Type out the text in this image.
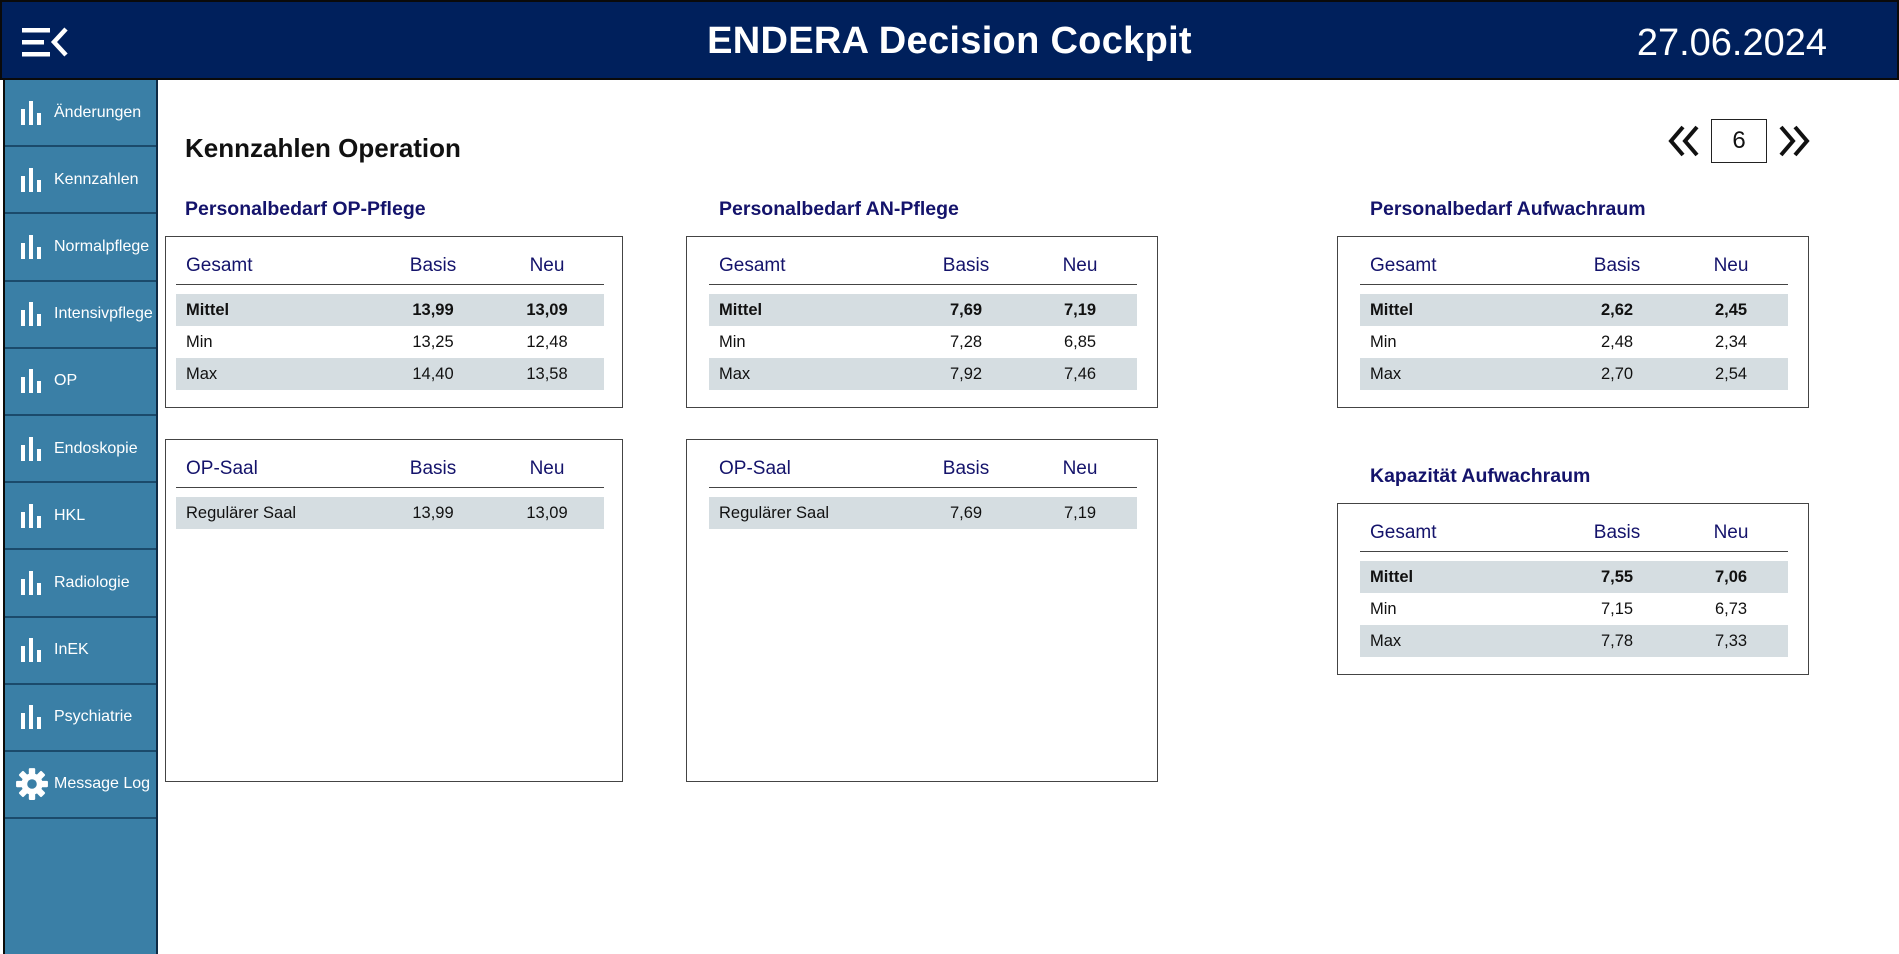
ENDERA Decision Cockpit	27.06.2024
Änderungen
Kennzahlen
Normalpflege
Intensivpflege
OP
Endoskopie
HKL
Radiologie
InEK
Psychiatrie
Message Log
Kennzahlen Operation
6
Personalbedarf OP-Pflege
Gesamt	Basis	Neu

Mittel	13,99	13,09
Min	13,25	12,48
Max	14,40	13,58
OP-Saal	Basis	Neu

Regulärer Saal	13,99	13,09
Personalbedarf AN-Pflege
Gesamt	Basis	Neu

Mittel	7,69	7,19
Min	7,28	6,85
Max	7,92	7,46
OP-Saal	Basis	Neu

Regulärer Saal	7,69	7,19
Personalbedarf Aufwachraum
Gesamt	Basis	Neu

Mittel	2,62	2,45
Min	2,48	2,34
Max	2,70	2,54
Kapazität Aufwachraum
Gesamt	Basis	Neu

Mittel	7,55	7,06
Min	7,15	6,73
Max	7,78	7,33
